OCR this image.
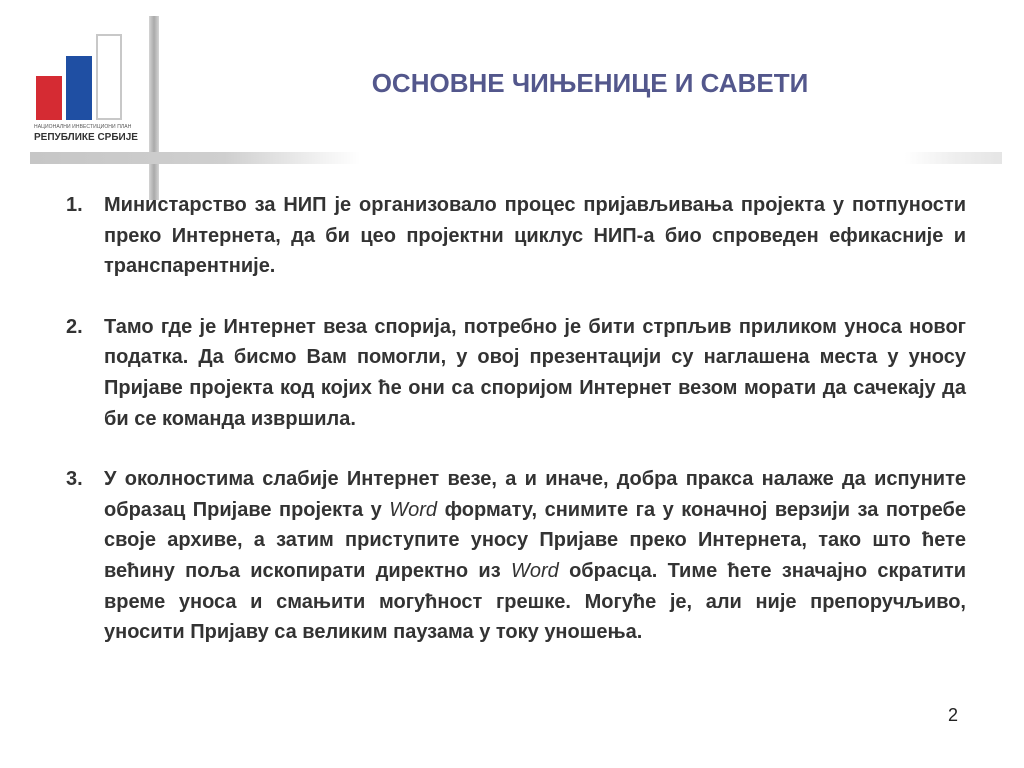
НАЦИОНАЛНИ ИНВЕСТИЦИОНИ ПЛАН
РЕПУБЛИКЕ СРБИЈЕ
ОСНОВНЕ ЧИЊЕНИЦЕ И САВЕТИ
1.	Министарство за НИП је организовало процес пријављивања пројекта у потпуности преко Интернета, да би цео пројектни циклус НИП-а био спроведен ефикасније и транспарентније.

2.	Тамо где је Интернет веза спорија, потребно је бити стрпљив приликом уноса новог податка. Да бисмо Вам помогли, у овој презентацији су наглашена места у уносу Пријаве пројекта код којих ће они са споријом Интернет везом морати да сачекају да би се команда извршила.

3.	У околностима слабије Интернет везе, а и иначе, добра пракса налаже да испуните образац Пријаве пројекта у Word формату, снимите га у коначној верзији за потребе своје архиве, а затим приступите уносу Пријаве преко Интернета, тако што ћете већину поља ископирати директно из Word обрасца. Тиме ћете значајно скратити време уноса и смањити могућност грешке. Могуће је, али није препоручљиво, уносити Пријаву са великим паузама у току уношења.

2
